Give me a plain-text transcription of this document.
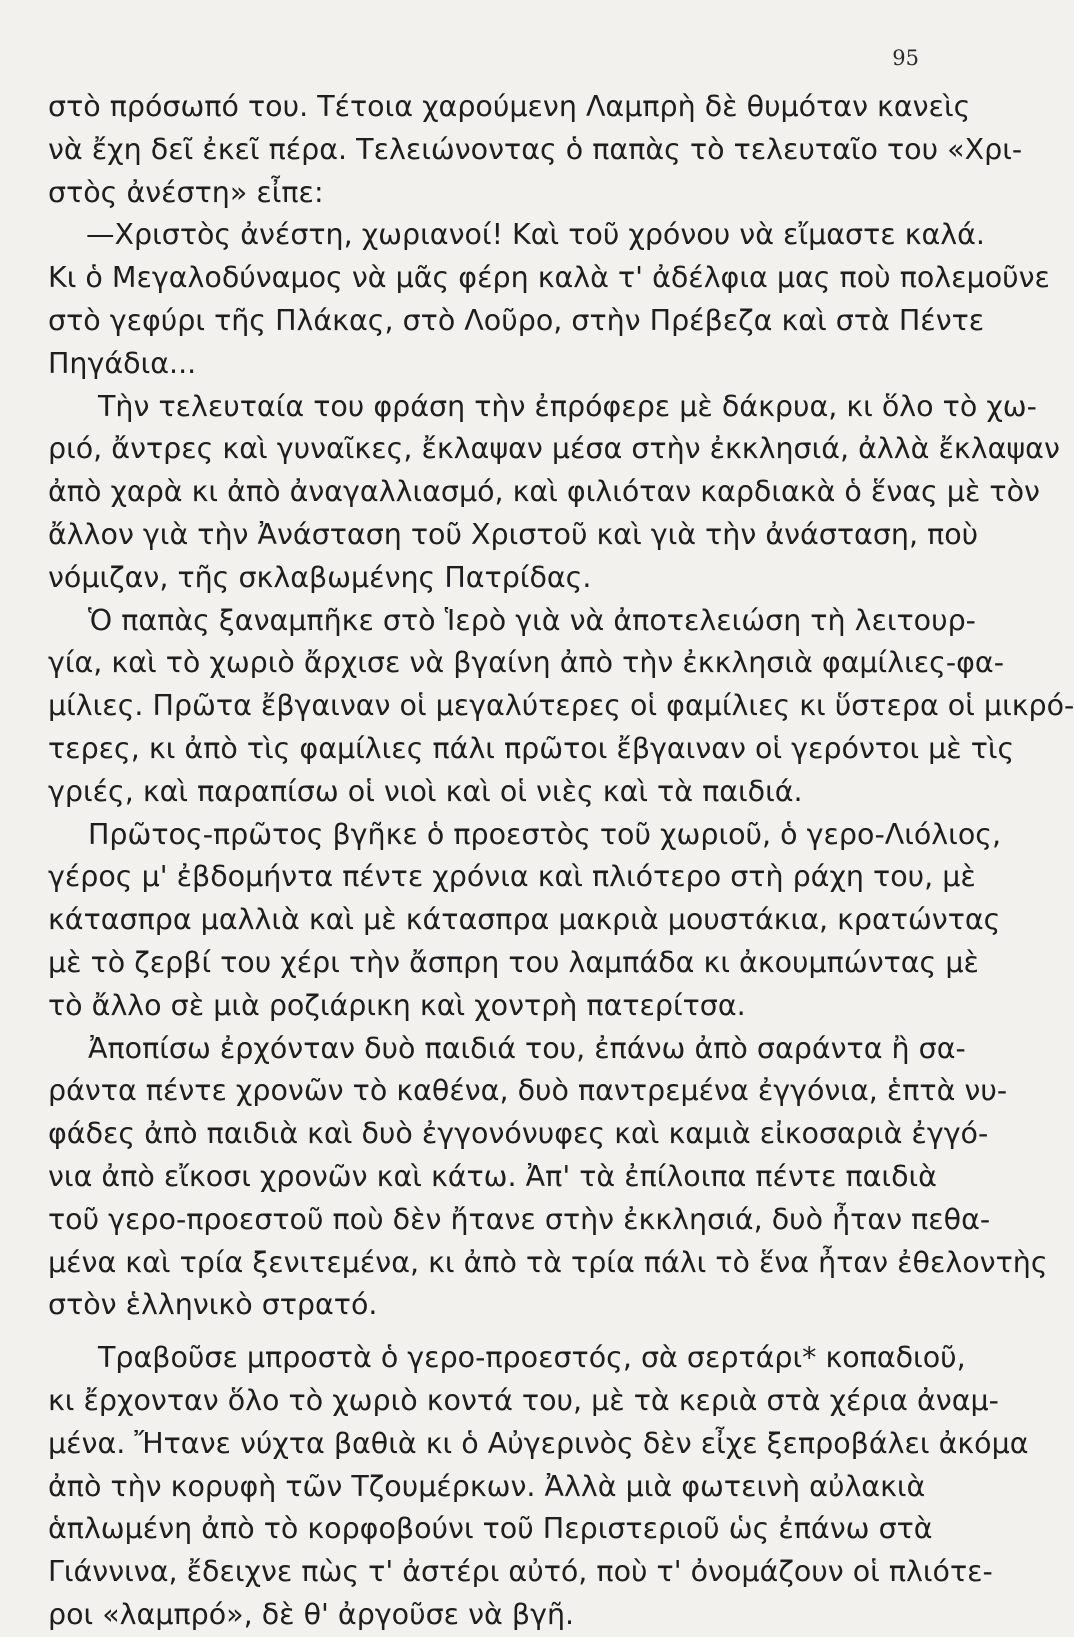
95
στὸ πρόσωπό του. Τέτοια χαρούμενη Λαμπρὴ δὲ θυμόταν κανεὶς
νὰ ἔχη δεῖ ἐκεῖ πέρα. Τελειώνοντας ὁ παπὰς τὸ τελευταῖο του «Χρι-
στὸς ἀνέστη» εἶπε:
—Χριστὸς ἀνέστη, χωριανοί! Καὶ τοῦ χρόνου νὰ εἴμαστε καλά.
Κι ὁ Μεγαλοδύναμος νὰ μᾶς φέρη καλὰ τ' ἀδέλφια μας ποὺ πολεμοῦνε
στὸ γεφύρι τῆς Πλάκας, στὸ Λοῦρο, στὴν Πρέβεζα καὶ στὰ Πέντε
Πηγάδια...
Τὴν τελευταία του φράση τὴν ἐπρόφερε μὲ δάκρυα, κι ὅλο τὸ χω-
ριό, ἄντρες καὶ γυναῖκες, ἔκλαψαν μέσα στὴν ἐκκλησιά, ἀλλὰ ἔκλαψαν
ἀπὸ χαρὰ κι ἀπὸ ἀναγαλλιασμό, καὶ φιλιόταν καρδιακὰ ὁ ἕνας μὲ τὸν
ἄλλον γιὰ τὴν Ἀνάσταση τοῦ Χριστοῦ καὶ γιὰ τὴν ἀνάσταση, ποὺ
νόμιζαν, τῆς σκλαβωμένης Πατρίδας.
Ὁ παπὰς ξαναμπῆκε στὸ Ἱερὸ γιὰ νὰ ἀποτελειώση τὴ λειτουρ-
γία, καὶ τὸ χωριὸ ἄρχισε νὰ βγαίνη ἀπὸ τὴν ἐκκλησιὰ φαμίλιες-φα-
μίλιες. Πρῶτα ἔβγαιναν οἱ μεγαλύτερες οἱ φαμίλιες κι ὕστερα οἱ μικρό-
τερες, κι ἀπὸ τὶς φαμίλιες πάλι πρῶτοι ἔβγαιναν οἱ γερόντοι μὲ τὶς
γριές, καὶ παραπίσω οἱ νιοὶ καὶ οἱ νιὲς καὶ τὰ παιδιά.
Πρῶτος-πρῶτος βγῆκε ὁ προεστὸς τοῦ χωριοῦ, ὁ γερο-Λιόλιος,
γέρος μ' ἐβδομήντα πέντε χρόνια καὶ πλιότερο στὴ ράχη του, μὲ
κάτασπρα μαλλιὰ καὶ μὲ κάτασπρα μακριὰ μουστάκια, κρατώντας
μὲ τὸ ζερβί του χέρι τὴν ἄσπρη του λαμπάδα κι ἀκουμπώντας μὲ
τὸ ἄλλο σὲ μιὰ ροζιάρικη καὶ χοντρὴ πατερίτσα.
Ἀποπίσω ἐρχόνταν δυὸ παιδιά του, ἐπάνω ἀπὸ σαράντα ἢ σα-
ράντα πέντε χρονῶν τὸ καθένα, δυὸ παντρεμένα ἐγγόνια, ἑπτὰ νυ-
φάδες ἀπὸ παιδιὰ καὶ δυὸ ἐγγονόνυφες καὶ καμιὰ εἰκοσαριὰ ἐγγό-
νια ἀπὸ εἴκοσι χρονῶν καὶ κάτω. Ἀπ' τὰ ἐπίλοιπα πέντε παιδιὰ
τοῦ γερο-προεστοῦ ποὺ δὲν ἤτανε στὴν ἐκκλησιά, δυὸ ἦταν πεθα-
μένα καὶ τρία ξενιτεμένα, κι ἀπὸ τὰ τρία πάλι τὸ ἕνα ἦταν ἐθελοντὴς
στὸν ἑλληνικὸ στρατό.
Τραβοῦσε μπροστὰ ὁ γερο-προεστός, σὰ σερτάρι* κοπαδιοῦ,
κι ἔρχονταν ὅλο τὸ χωριὸ κοντά του, μὲ τὰ κεριὰ στὰ χέρια ἀναμ-
μένα. Ἤτανε νύχτα βαθιὰ κι ὁ Αὐγερινὸς δὲν εἶχε ξεπροβάλει ἀκόμα
ἀπὸ τὴν κορυφὴ τῶν Τζουμέρκων. Ἀλλὰ μιὰ φωτεινὴ αὐλακιὰ
ἁπλωμένη ἀπὸ τὸ κορφοβούνι τοῦ Περιστεριοῦ ὡς ἐπάνω στὰ
Γιάννινα, ἔδειχνε πὼς τ' ἀστέρι αὐτό, ποὺ τ' ὀνομάζουν οἱ πλιότε-
ροι «λαμπρό», δὲ θ' ἀργοῦσε νὰ βγῆ.
